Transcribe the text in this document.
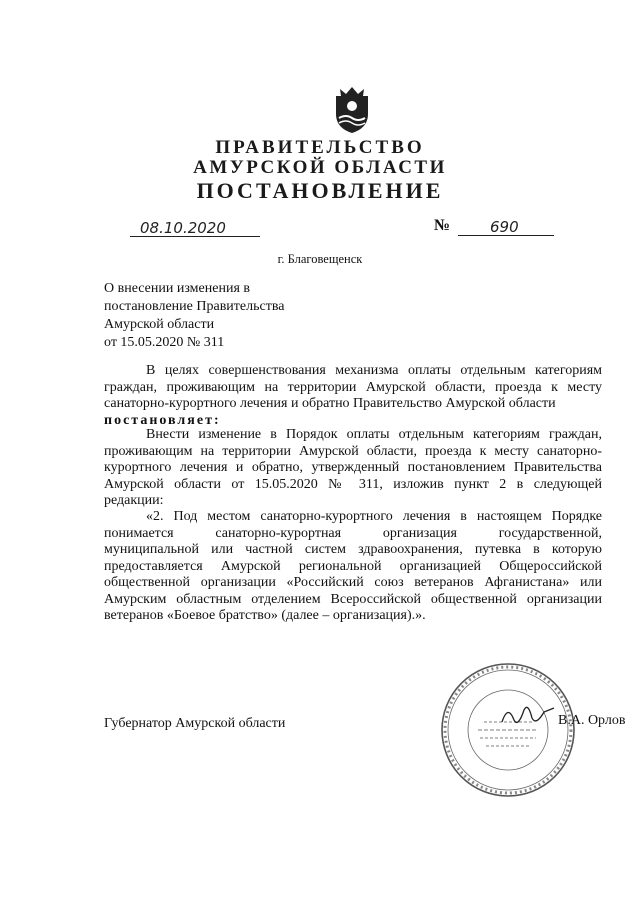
ПРАВИТЕЛЬСТВО
АМУРСКОЙ ОБЛАСТИ
ПОСТАНОВЛЕНИЕ
08.10.2020	№	690
г. Благовещенск
О внесении изменения в
постановление Правительства
Амурской области
от 15.05.2020 № 311
В целях совершенствования механизма оплаты отдельным категориям
граждан, проживающим на территории Амурской области, проезда к месту
санаторно-курортного лечения и обратно Правительство Амурской области
постановляет:
Внести изменение в Порядок оплаты отдельным категориям граждан,
проживающим на территории Амурской области, проезда к месту санаторно-
курортного лечения и обратно, утвержденный постановлением Правительства
Амурской области от 15.05.2020 № 311, изложив пункт 2 в следующей
редакции:
«2. Под местом санаторно-курортного лечения в настоящем Порядке
понимается санаторно-курортная организация государственной,
муниципальной или частной систем здравоохранения, путевка в которую
предоставляется Амурской региональной организацией Общероссийской
общественной организации «Российский союз ветеранов Афганистана» или
Амурским областным отделением Всероссийской общественной организации
ветеранов «Боевое братство» (далее – организация).».
Губернатор Амурской области	В.А. Орлов
